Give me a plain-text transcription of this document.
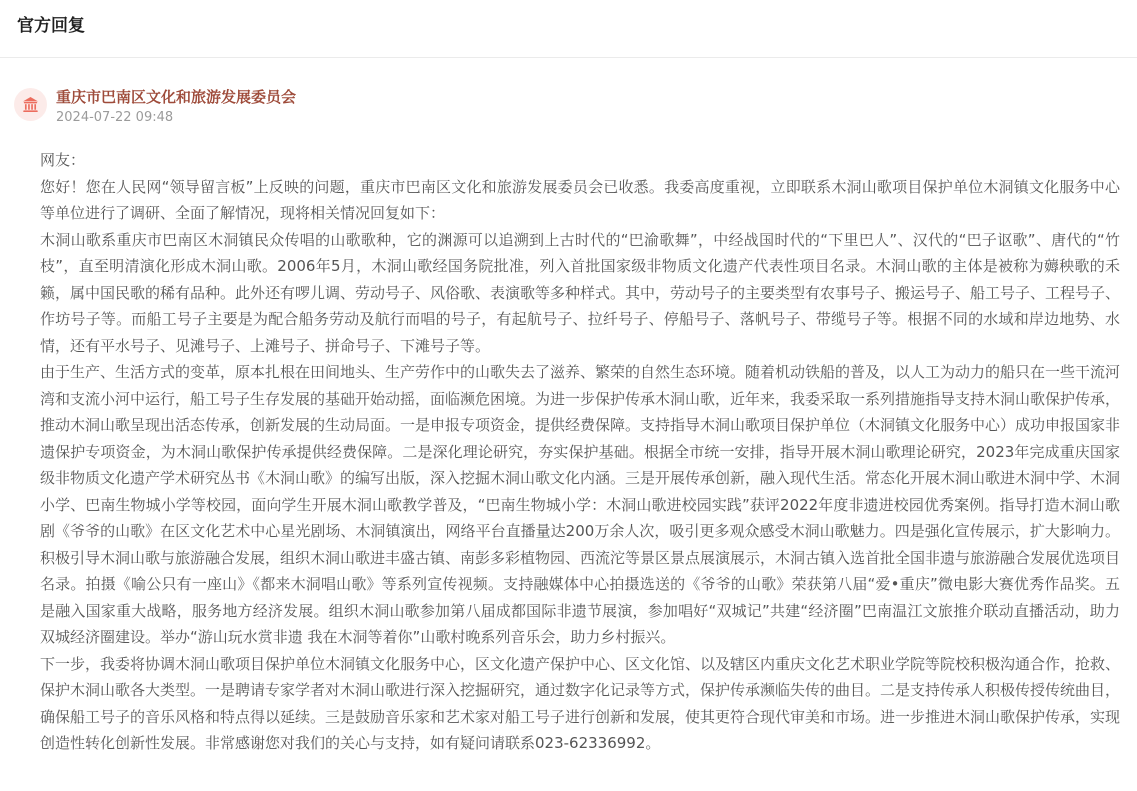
官方回复
重庆市巴南区文化和旅游发展委员会
2024-07-22 09:48

网友：

您好！您在人民网“领导留言板”上反映的问题，重庆市巴南区文化和旅游发展委员会已收悉。我委高度重视，立即联系木洞山歌项目保护单位木洞镇文化服务中心等单位进行了调研、全面了解情况，现将相关情况回复如下：

木洞山歌系重庆市巴南区木洞镇民众传唱的山歌歌种，它的渊源可以追溯到上古时代的“巴渝歌舞”，中经战国时代的“下里巴人”、汉代的“巴子讴歌”、唐代的“竹枝”，直至明清演化形成木洞山歌。2006年5月，木洞山歌经国务院批准，列入首批国家级非物质文化遗产代表性项目名录。木洞山歌的主体是被称为薅秧歌的禾籁，属中国民歌的稀有品种。此外还有啰儿调、劳动号子、风俗歌、表演歌等多种样式。其中，劳动号子的主要类型有农事号子、搬运号子、船工号子、工程号子、作坊号子等。而船工号子主要是为配合船务劳动及航行而唱的号子，有起航号子、拉纤号子、停船号子、落帆号子、带缆号子等。根据不同的水域和岸边地势、水情，还有平水号子、见滩号子、上滩号子、拼命号子、下滩号子等。

由于生产、生活方式的变革，原本扎根在田间地头、生产劳作中的山歌失去了滋养、繁荣的自然生态环境。随着机动铁船的普及，以人工为动力的船只在一些干流河湾和支流小河中运行，船工号子生存发展的基础开始动摇，面临濒危困境。为进一步保护传承木洞山歌，近年来，我委采取一系列措施指导支持木洞山歌保护传承，推动木洞山歌呈现出活态传承，创新发展的生动局面。一是申报专项资金，提供经费保障。支持指导木洞山歌项目保护单位（木洞镇文化服务中心）成功申报国家非遗保护专项资金，为木洞山歌保护传承提供经费保障。二是深化理论研究，夯实保护基础。根据全市统一安排，指导开展木洞山歌理论研究，2023年完成重庆国家级非物质文化遗产学术研究丛书《木洞山歌》的编写出版，深入挖掘木洞山歌文化内涵。三是开展传承创新，融入现代生活。常态化开展木洞山歌进木洞中学、木洞小学、巴南生物城小学等校园，面向学生开展木洞山歌教学普及，“巴南生物城小学：木洞山歌进校园实践”获评2022年度非遗进校园优秀案例。指导打造木洞山歌剧《爷爷的山歌》在区文化艺术中心星光剧场、木洞镇演出，网络平台直播量达200万余人次，吸引更多观众感受木洞山歌魅力。四是强化宣传展示，扩大影响力。积极引导木洞山歌与旅游融合发展，组织木洞山歌进丰盛古镇、南彭多彩植物园、西流沱等景区景点展演展示，木洞古镇入选首批全国非遗与旅游融合发展优选项目名录。拍摄《喻公只有一座山》《都来木洞唱山歌》等系列宣传视频。支持融媒体中心拍摄选送的《爷爷的山歌》荣获第八届“爱•重庆”微电影大赛优秀作品奖。五是融入国家重大战略，服务地方经济发展。组织木洞山歌参加第八届成都国际非遗节展演，参加唱好“双城记”共建“经济圈”巴南温江文旅推介联动直播活动，助力双城经济圈建设。举办“游山玩水赏非遗 我在木洞等着你”山歌村晚系列音乐会，助力乡村振兴。

下一步，我委将协调木洞山歌项目保护单位木洞镇文化服务中心，区文化遗产保护中心、区文化馆、以及辖区内重庆文化艺术职业学院等院校积极沟通合作，抢救、保护木洞山歌各大类型。一是聘请专家学者对木洞山歌进行深入挖掘研究，通过数字化记录等方式，保护传承濒临失传的曲目。二是支持传承人积极传授传统曲目，确保船工号子的音乐风格和特点得以延续。三是鼓励音乐家和艺术家对船工号子进行创新和发展，使其更符合现代审美和市场。进一步推进木洞山歌保护传承，实现创造性转化创新性发展。非常感谢您对我们的关心与支持，如有疑问请联系023-62336992。
